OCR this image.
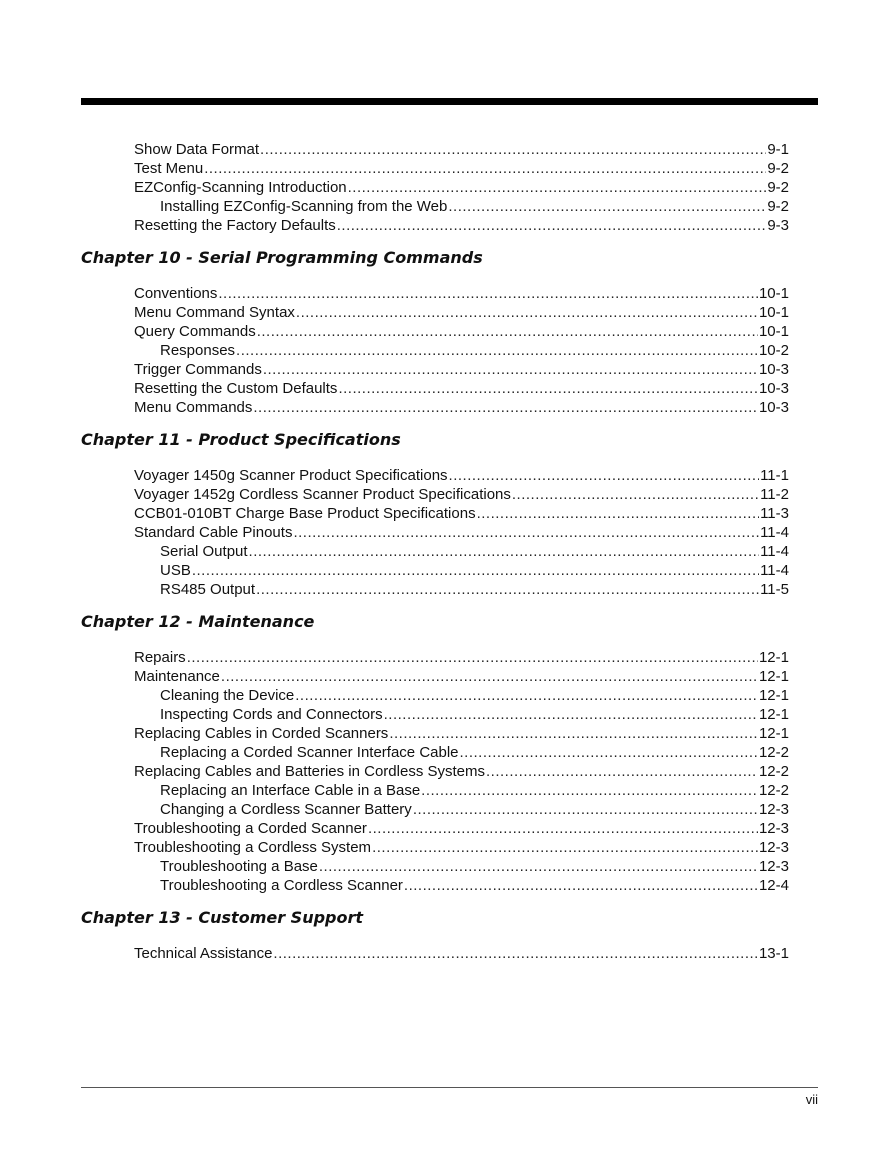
Show Data Format .....	9-1
Test Menu .....	9-2
EZConfig-Scanning Introduction .....	9-2
Installing EZConfig-Scanning from the Web .....	9-2
Resetting the Factory Defaults .....	9-3
Chapter 10 - Serial Programming Commands
Conventions .....	10-1
Menu Command Syntax .....	10-1
Query Commands .....	10-1
Responses .....	10-2
Trigger Commands .....	10-3
Resetting the Custom Defaults .....	10-3
Menu Commands .....	10-3
Chapter 11 - Product Specifications
Voyager 1450g Scanner Product Specifications .....	11-1
Voyager 1452g Cordless Scanner Product Specifications .....	11-2
CCB01-010BT Charge Base Product Specifications .....	11-3
Standard Cable Pinouts .....	11-4
Serial Output .....	11-4
USB .....	11-4
RS485 Output .....	11-5
Chapter 12 - Maintenance
Repairs .....	12-1
Maintenance .....	12-1
Cleaning the Device .....	12-1
Inspecting Cords and Connectors .....	12-1
Replacing Cables in Corded Scanners .....	12-1
Replacing a Corded Scanner Interface Cable .....	12-2
Replacing Cables and Batteries in Cordless Systems .....	12-2
Replacing an Interface Cable in a Base .....	12-2
Changing a Cordless Scanner Battery .....	12-3
Troubleshooting a Corded Scanner .....	12-3
Troubleshooting a Cordless System .....	12-3
Troubleshooting a Base .....	12-3
Troubleshooting a Cordless Scanner .....	12-4
Chapter 13 - Customer Support
Technical Assistance .....	13-1
vii
